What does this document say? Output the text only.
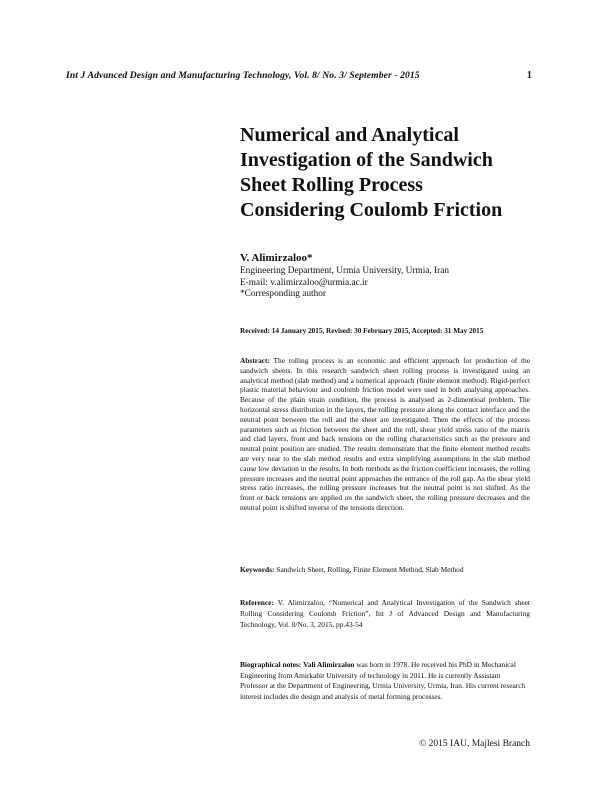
Int J Advanced Design and Manufacturing Technology, Vol. 8/ No. 3/ September - 2015	1
Numerical and Analytical
Investigation of the Sandwich
Sheet Rolling Process
Considering Coulomb Friction
V. Alimirzaloo*
Engineering Department, Urmia University, Urmia, Iran
E-mail: v.alimirzaloo@urmia.ac.ir
*Corresponding author
Received: 14 January 2015, Revised: 30 February 2015, Accepted: 31 May 2015

Abstract: The rolling process is an economic and efficient approach for production of the sandwich sheets. In this research sandwich sheet rolling process is investigated using an analytical method (slab method) and a numerical approach (finite element method). Rigid-perfect plastic material behaviour and coulomb friction model were used in both analysing approaches. Because of the plain strain condition, the process is analysed as 2-dimentioal problem. The horizontal stress distribution in the layers, the rolling pressure along the contact interface and the neutral point between the roll and the sheet are investigated. Then the effects of the process parameters such as friction between the sheet and the roll, shear yield stress ratio of the matrix and clad layers, front and back tensions on the rolling characteristics such as the pressure and neutral point position are studied. The results demonstrate that the finite element method results are very near to the slab method results and extra simplifying assumptions in the slab method cause low deviation in the results. In both methods as the friction coefficient increases, the rolling pressure increases and the neutral point approaches the entrance of the roll gap. As the shear yield stress ratio increases, the rolling pressure increases but the neutral point is not shifted. As the front or back tensions are applied on the sandwich sheet, the rolling pressure decreases and the neutral point is shifted inverse of the tensions direction.

Keywords: Sandwich Sheet, Rolling, Finite Element Method, Slab Method

Reference: V. Alimirzaloo, “Numerical and Analytical Investigation of the Sandwich sheet Rolling Considering Coulomb Friction”, Int J of Advanced Design and Manufacturing Technology, Vol. 8/No. 3, 2015, pp.43-54

Biographical notes: Vali Alimirzaloo was born in 1978. He received his PhD in Mechanical Engineering from Amirkabir University of technology in 2011. He is currently Assistant Professor at the Department of Engineering, Urmia University, Urmia, Iran. His current research interest includes die design and analysis of metal forming processes.

© 2015 IAU, Majlesi Branch
